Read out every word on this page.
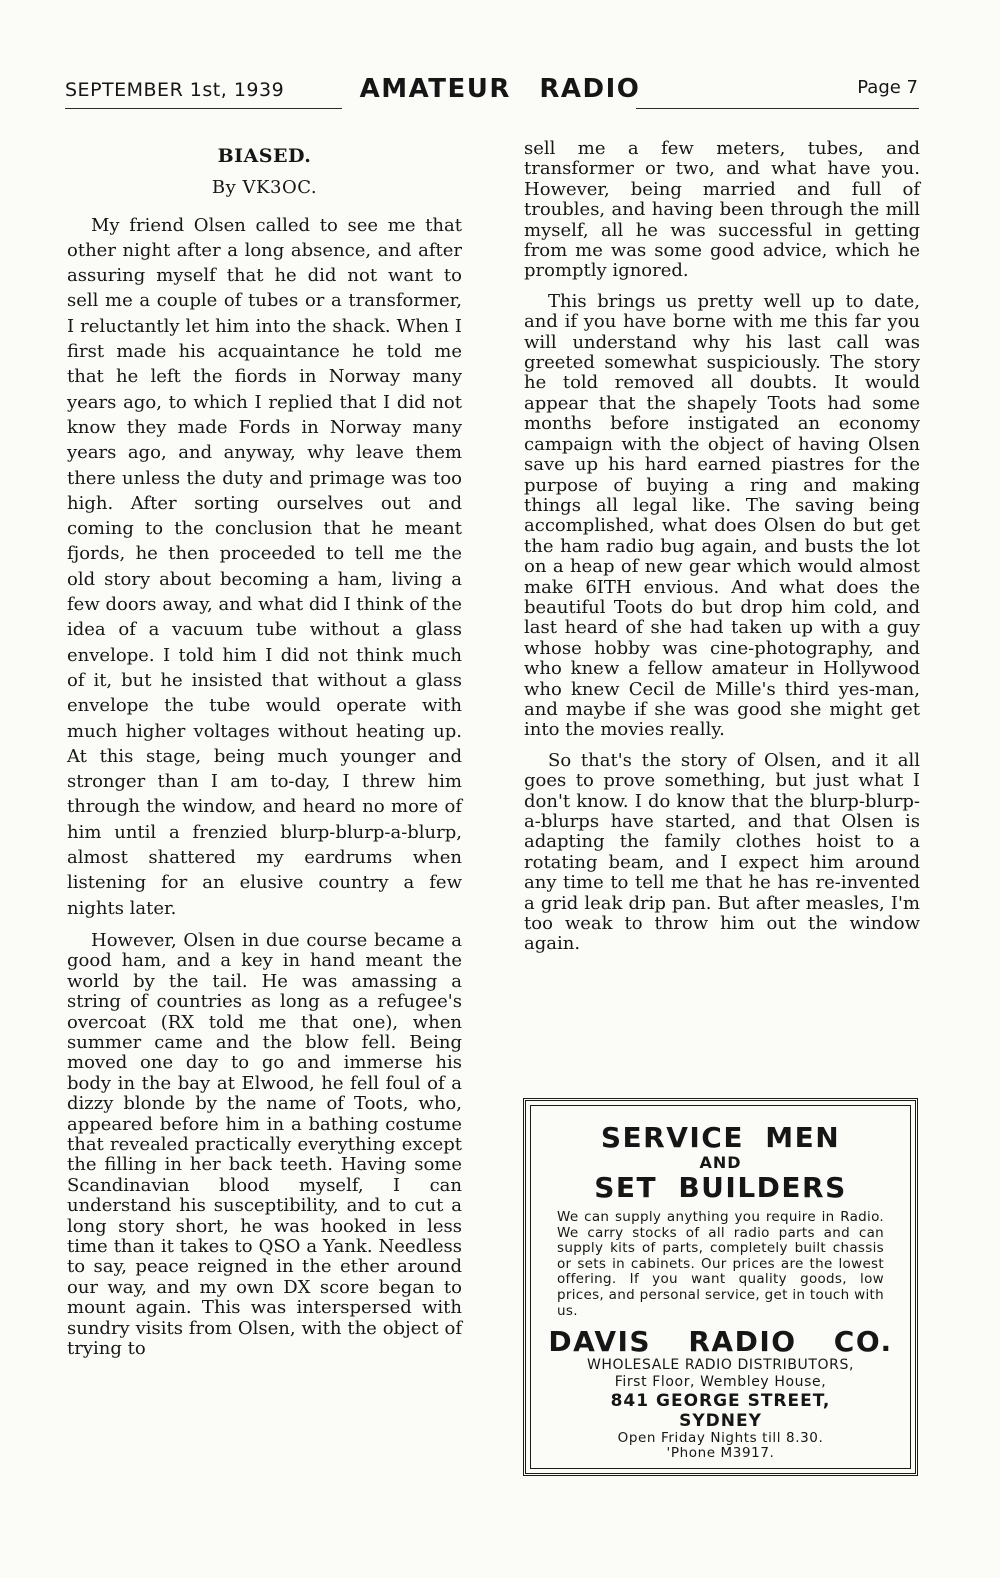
SEPTEMBER 1st, 1939	AMATEUR RADIO	Page 7
BIASED.
By VK3OC.

My friend Olsen called to see me that other night after a long absence, and after assuring myself that he did not want to sell me a couple of tubes or a transformer, I reluctantly let him into the shack. When I first made his acquaintance he told me that he left the fiords in Norway many years ago, to which I replied that I did not know they made Fords in Norway many years ago, and anyway, why leave them there unless the duty and primage was too high. After sorting ourselves out and coming to the conclusion that he meant fjords, he then proceeded to tell me the old story about becoming a ham, living a few doors away, and what did I think of the idea of a vacuum tube without a glass envelope. I told him I did not think much of it, but he insisted that without a glass envelope the tube would operate with much higher voltages without heating up. At this stage, being much younger and stronger than I am to-day, I threw him through the window, and heard no more of him until a frenzied blurp-blurp-a-blurp, almost shattered my eardrums when listening for an elusive country a few nights later.

However, Olsen in due course became a good ham, and a key in hand meant the world by the tail. He was amassing a string of countries as long as a refugee's overcoat (RX told me that one), when summer came and the blow fell. Being moved one day to go and immerse his body in the bay at Elwood, he fell foul of a dizzy blonde by the name of Toots, who, appeared before him in a bathing costume that revealed practically everything except the filling in her back teeth. Having some Scandinavian blood myself, I can understand his susceptibility, and to cut a long story short, he was hooked in less time than it takes to QSO a Yank. Needless to say, peace reigned in the ether around our way, and my own DX score began to mount again. This was interspersed with sundry visits from Olsen, with the object of trying to

sell me a few meters, tubes, and transformer or two, and what have you. However, being married and full of troubles, and having been through the mill myself, all he was successful in getting from me was some good advice, which he promptly ignored.

This brings us pretty well up to date, and if you have borne with me this far you will understand why his last call was greeted somewhat suspiciously. The story he told removed all doubts. It would appear that the shapely Toots had some months before instigated an economy campaign with the object of having Olsen save up his hard earned piastres for the purpose of buying a ring and making things all legal like. The saving being accomplished, what does Olsen do but get the ham radio bug again, and busts the lot on a heap of new gear which would almost make 6ITH envious. And what does the beautiful Toots do but drop him cold, and last heard of she had taken up with a guy whose hobby was cine-photography, and who knew a fellow amateur in Hollywood who knew Cecil de Mille's third yes-man, and maybe if she was good she might get into the movies really.

So that's the story of Olsen, and it all goes to prove something, but just what I don't know. I do know that the blurp-blurp-a-blurps have started, and that Olsen is adapting the family clothes hoist to a rotating beam, and I expect him around any time to tell me that he has re-invented a grid leak drip pan. But after measles, I'm too weak to throw him out the window again.

SERVICE MEN
AND
SET BUILDERS
We can supply anything you require in Radio. We carry stocks of all radio parts and can supply kits of parts, completely built chassis or sets in cabinets. Our prices are the lowest offering. If you want quality goods, low prices, and personal service, get in touch with us.
DAVIS RADIO CO.
WHOLESALE RADIO DISTRIBUTORS,
First Floor, Wembley House,
841 GEORGE STREET,
SYDNEY
Open Friday Nights till 8.30.
'Phone M3917.
